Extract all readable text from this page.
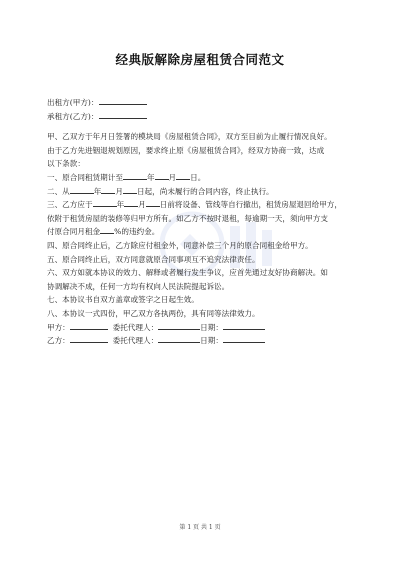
经典版解除房屋租赁合同范文
出租方(甲方)：
承租方(乙方)：
甲、乙双方于年月日签署的模块局《房屋租赁合同》，双方至目前为止履行情况良好。
由于乙方先进铟退规划原因，要求终止原《房屋租赁合同》，经双方协商一致，达成
以下条款：
一、原合同租赁期计至	年 月 日。
二、从	年 月 日起，尚未履行的合同内容，终止执行。
三、乙方应于	年 月 日前将设备、管线等自行撤出，租赁房屋退回给甲方，
依附于租赁房屋的装修等归甲方所有。如乙方不按时退租，每逾期一天，须向甲方支
付原合同月租金 %的违约金。
四、原合同终止后，乙方除应付租金外，同意补偿三个月的原合同租金给甲方。
五、原合同终止后，双方同意就原合同事项互不追究法律责任。
六、双方如就本协议的效力、解释或者履行发生争议，应首先通过友好协商解决。如
协调解决不成，任何一方均有权向人民法院提起诉讼。
七、本协议书自双方盖章或签字之日起生效。
八、本协议一式四份，甲乙双方各执两份，具有同等法律效力。
甲方：	委托代理人：	日期：
乙方：	委托代理人：	日期：
第 1 页 共 1 页
